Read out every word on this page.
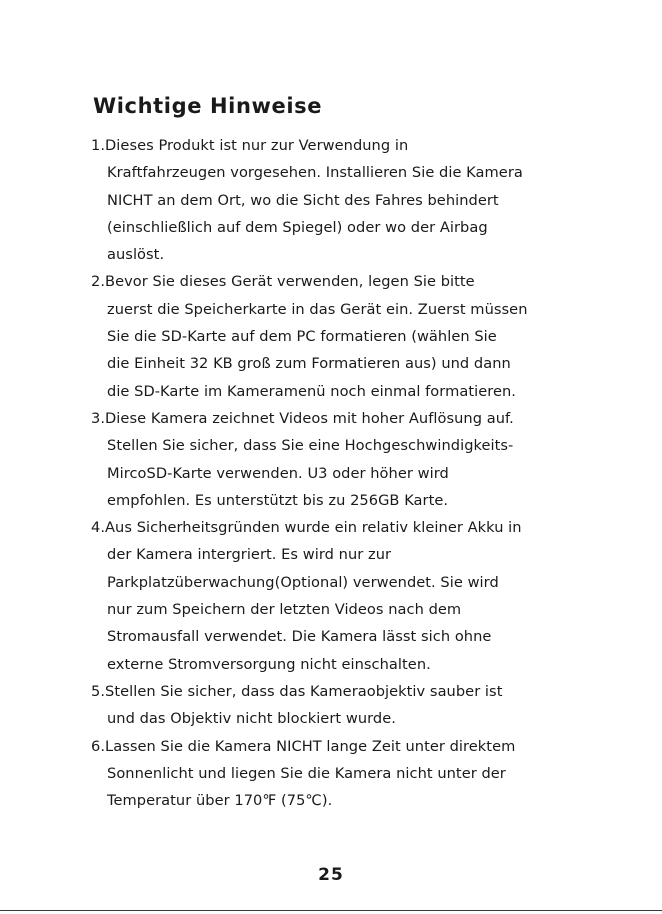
Wichtige Hinweise
1.Dieses Produkt ist nur zur Verwendung in
Kraftfahrzeugen vorgesehen. Installieren Sie die Kamera
NICHT an dem Ort, wo die Sicht des Fahres behindert
(einschließlich auf dem Spiegel) oder wo der Airbag
auslöst.
2.Bevor Sie dieses Gerät verwenden, legen Sie bitte
zuerst die Speicherkarte in das Gerät ein. Zuerst müssen
Sie die SD-Karte auf dem PC formatieren (wählen Sie
die Einheit 32 KB groß zum Formatieren aus) und dann
die SD-Karte im Kameramenü noch einmal formatieren.
3.Diese Kamera zeichnet Videos mit hoher Auflösung auf.
Stellen Sie sicher, dass Sie eine Hochgeschwindigkeits-
MircoSD-Karte verwenden. U3 oder höher wird
empfohlen. Es unterstützt bis zu 256GB Karte.
4.Aus Sicherheitsgründen wurde ein relativ kleiner Akku in
der Kamera intergriert. Es wird nur zur
Parkplatzüberwachung(Optional) verwendet. Sie wird
nur zum Speichern der letzten Videos nach dem
Stromausfall verwendet. Die Kamera lässt sich ohne
externe Stromversorgung nicht einschalten.
5.Stellen Sie sicher, dass das Kameraobjektiv sauber ist
und das Objektiv nicht blockiert wurde.
6.Lassen Sie die Kamera NICHT lange Zeit unter direktem
Sonnenlicht und liegen Sie die Kamera nicht unter der
Temperatur über 170℉ (75℃).
25
